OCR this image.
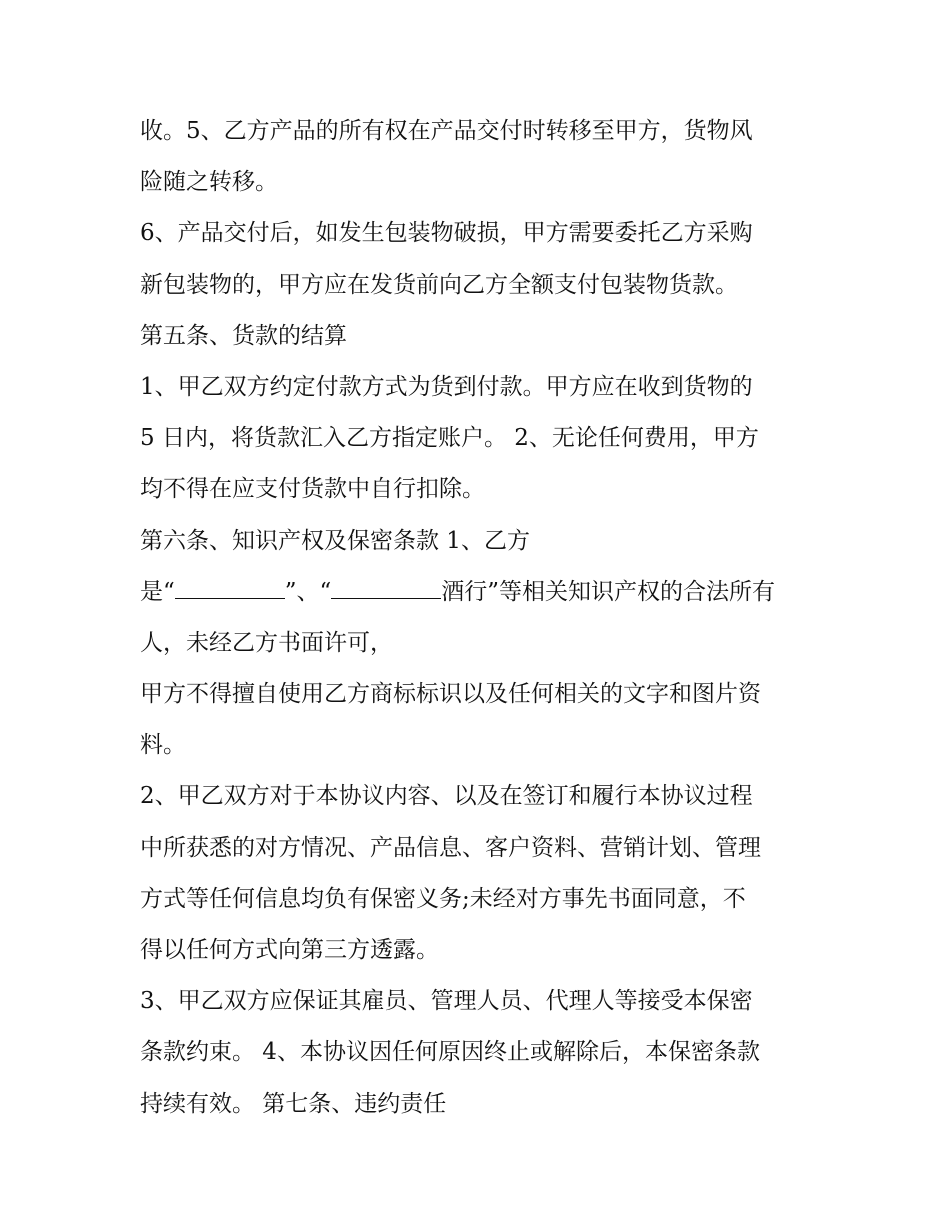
收。5、乙方产品的所有权在产品交付时转移至甲方，货物风
险随之转移。
6、产品交付后，如发生包装物破损，甲方需要委托乙方采购
新包装物的，甲方应在发货前向乙方全额支付包装物货款。
第五条、货款的结算
1、甲乙双方约定付款方式为货到付款。甲方应在收到货物的
5 日内，将货款汇入乙方指定账户。 2、无论任何费用，甲方
均不得在应支付货款中自行扣除。
第六条、知识产权及保密条款 1、乙方
是“	”、“	酒行”等相关知识产权的合法所有
人，未经乙方书面许可，
甲方不得擅自使用乙方商标标识以及任何相关的文字和图片资
料。
2、甲乙双方对于本协议内容、以及在签订和履行本协议过程
中所获悉的对方情况、产品信息、客户资料、营销计划、管理
方式等任何信息均负有保密义务;未经对方事先书面同意，不
得以任何方式向第三方透露。
3、甲乙双方应保证其雇员、管理人员、代理人等接受本保密
条款约束。 4、本协议因任何原因终止或解除后，本保密条款
持续有效。 第七条、违约责任
